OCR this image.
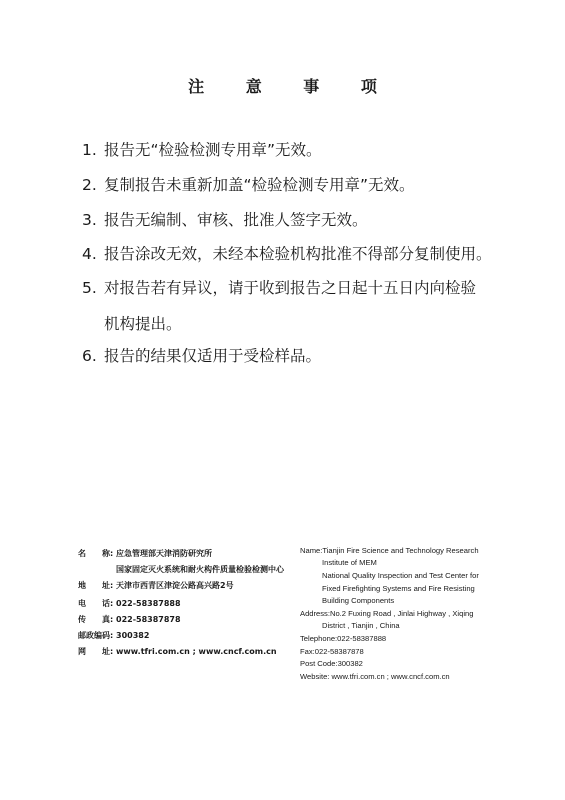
注 意 事 项
1. 报告无“检验检测专用章”无效。
2. 复制报告未重新加盖“检验检测专用章”无效。
3. 报告无编制、审核、批准人签字无效。
4. 报告涂改无效，未经本检验机构批准不得部分复制使用。
5. 对报告若有异议，请于收到报告之日起十五日内向检验
机构提出。
6. 报告的结果仅适用于受检样品。
名　　称: 应急管理部天津消防研究所
国家固定灭火系统和耐火构件质量检验检测中心
地　　址: 天津市西青区津淀公路高兴路2号
电　　话: 022-58387888
传　　真: 022-58387878
邮政编码: 300382
网　　址: www.tfri.com.cn ; www.cncf.com.cn
Name:Tianjin Fire Science and Technology Research
Institute of MEM
National Quality Inspection and Test Center for
Fixed Firefighting Systems and Fire Resisting
Building Components
Address:No.2 Fuxing Road , Jinlai Highway , Xiqing
District , Tianjin , China
Telephone:022-58387888
Fax:022-58387878
Post Code:300382
Website: www.tfri.com.cn ; www.cncf.com.cn
